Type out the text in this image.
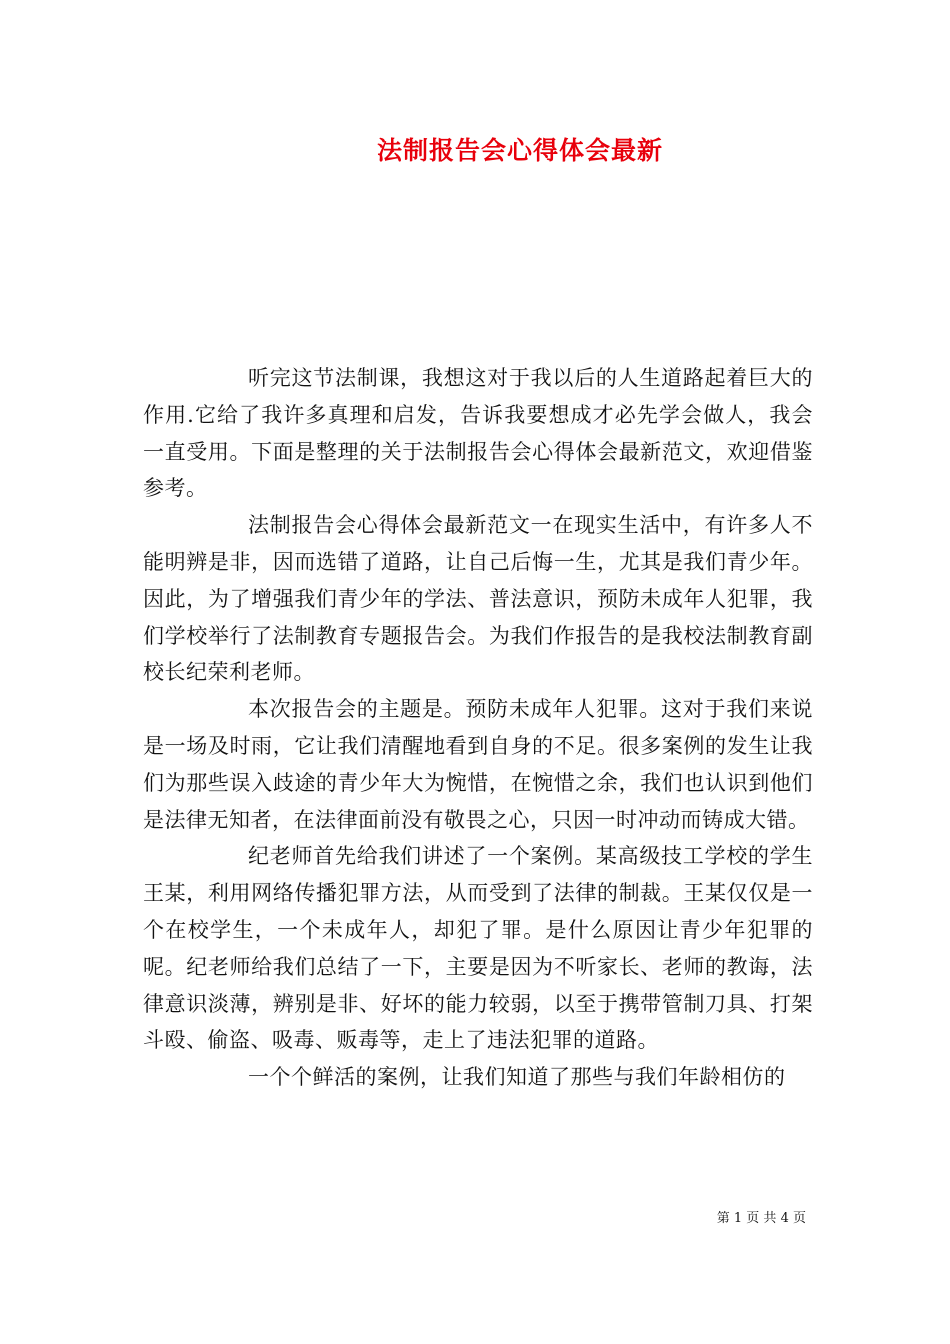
法制报告会心得体会最新

听完这节法制课，我想这对于我以后的人生道路起着巨大的作用.它给了我许多真理和启发，告诉我要想成才必先学会做人，我会一直受用。下面是整理的关于法制报告会心得体会最新范文，欢迎借鉴参考。

法制报告会心得体会最新范文一在现实生活中，有许多人不能明辨是非，因而选错了道路，让自己后悔一生，尤其是我们青少年。因此，为了增强我们青少年的学法、普法意识，预防未成年人犯罪，我们学校举行了法制教育专题报告会。为我们作报告的是我校法制教育副校长纪荣利老师。

本次报告会的主题是。预防未成年人犯罪。这对于我们来说是一场及时雨，它让我们清醒地看到自身的不足。很多案例的发生让我们为那些误入歧途的青少年大为惋惜，在惋惜之余，我们也认识到他们是法律无知者，在法律面前没有敬畏之心，只因一时冲动而铸成大错。

纪老师首先给我们讲述了一个案例。某高级技工学校的学生王某，利用网络传播犯罪方法，从而受到了法律的制裁。王某仅仅是一个在校学生，一个未成年人，却犯了罪。是什么原因让青少年犯罪的呢。纪老师给我们总结了一下，主要是因为不听家长、老师的教诲，法律意识淡薄，辨别是非、好坏的能力较弱，以至于携带管制刀具、打架斗殴、偷盗、吸毒、贩毒等，走上了违法犯罪的道路。

一个个鲜活的案例，让我们知道了那些与我们年龄相仿的

第 1 页 共 4 页
